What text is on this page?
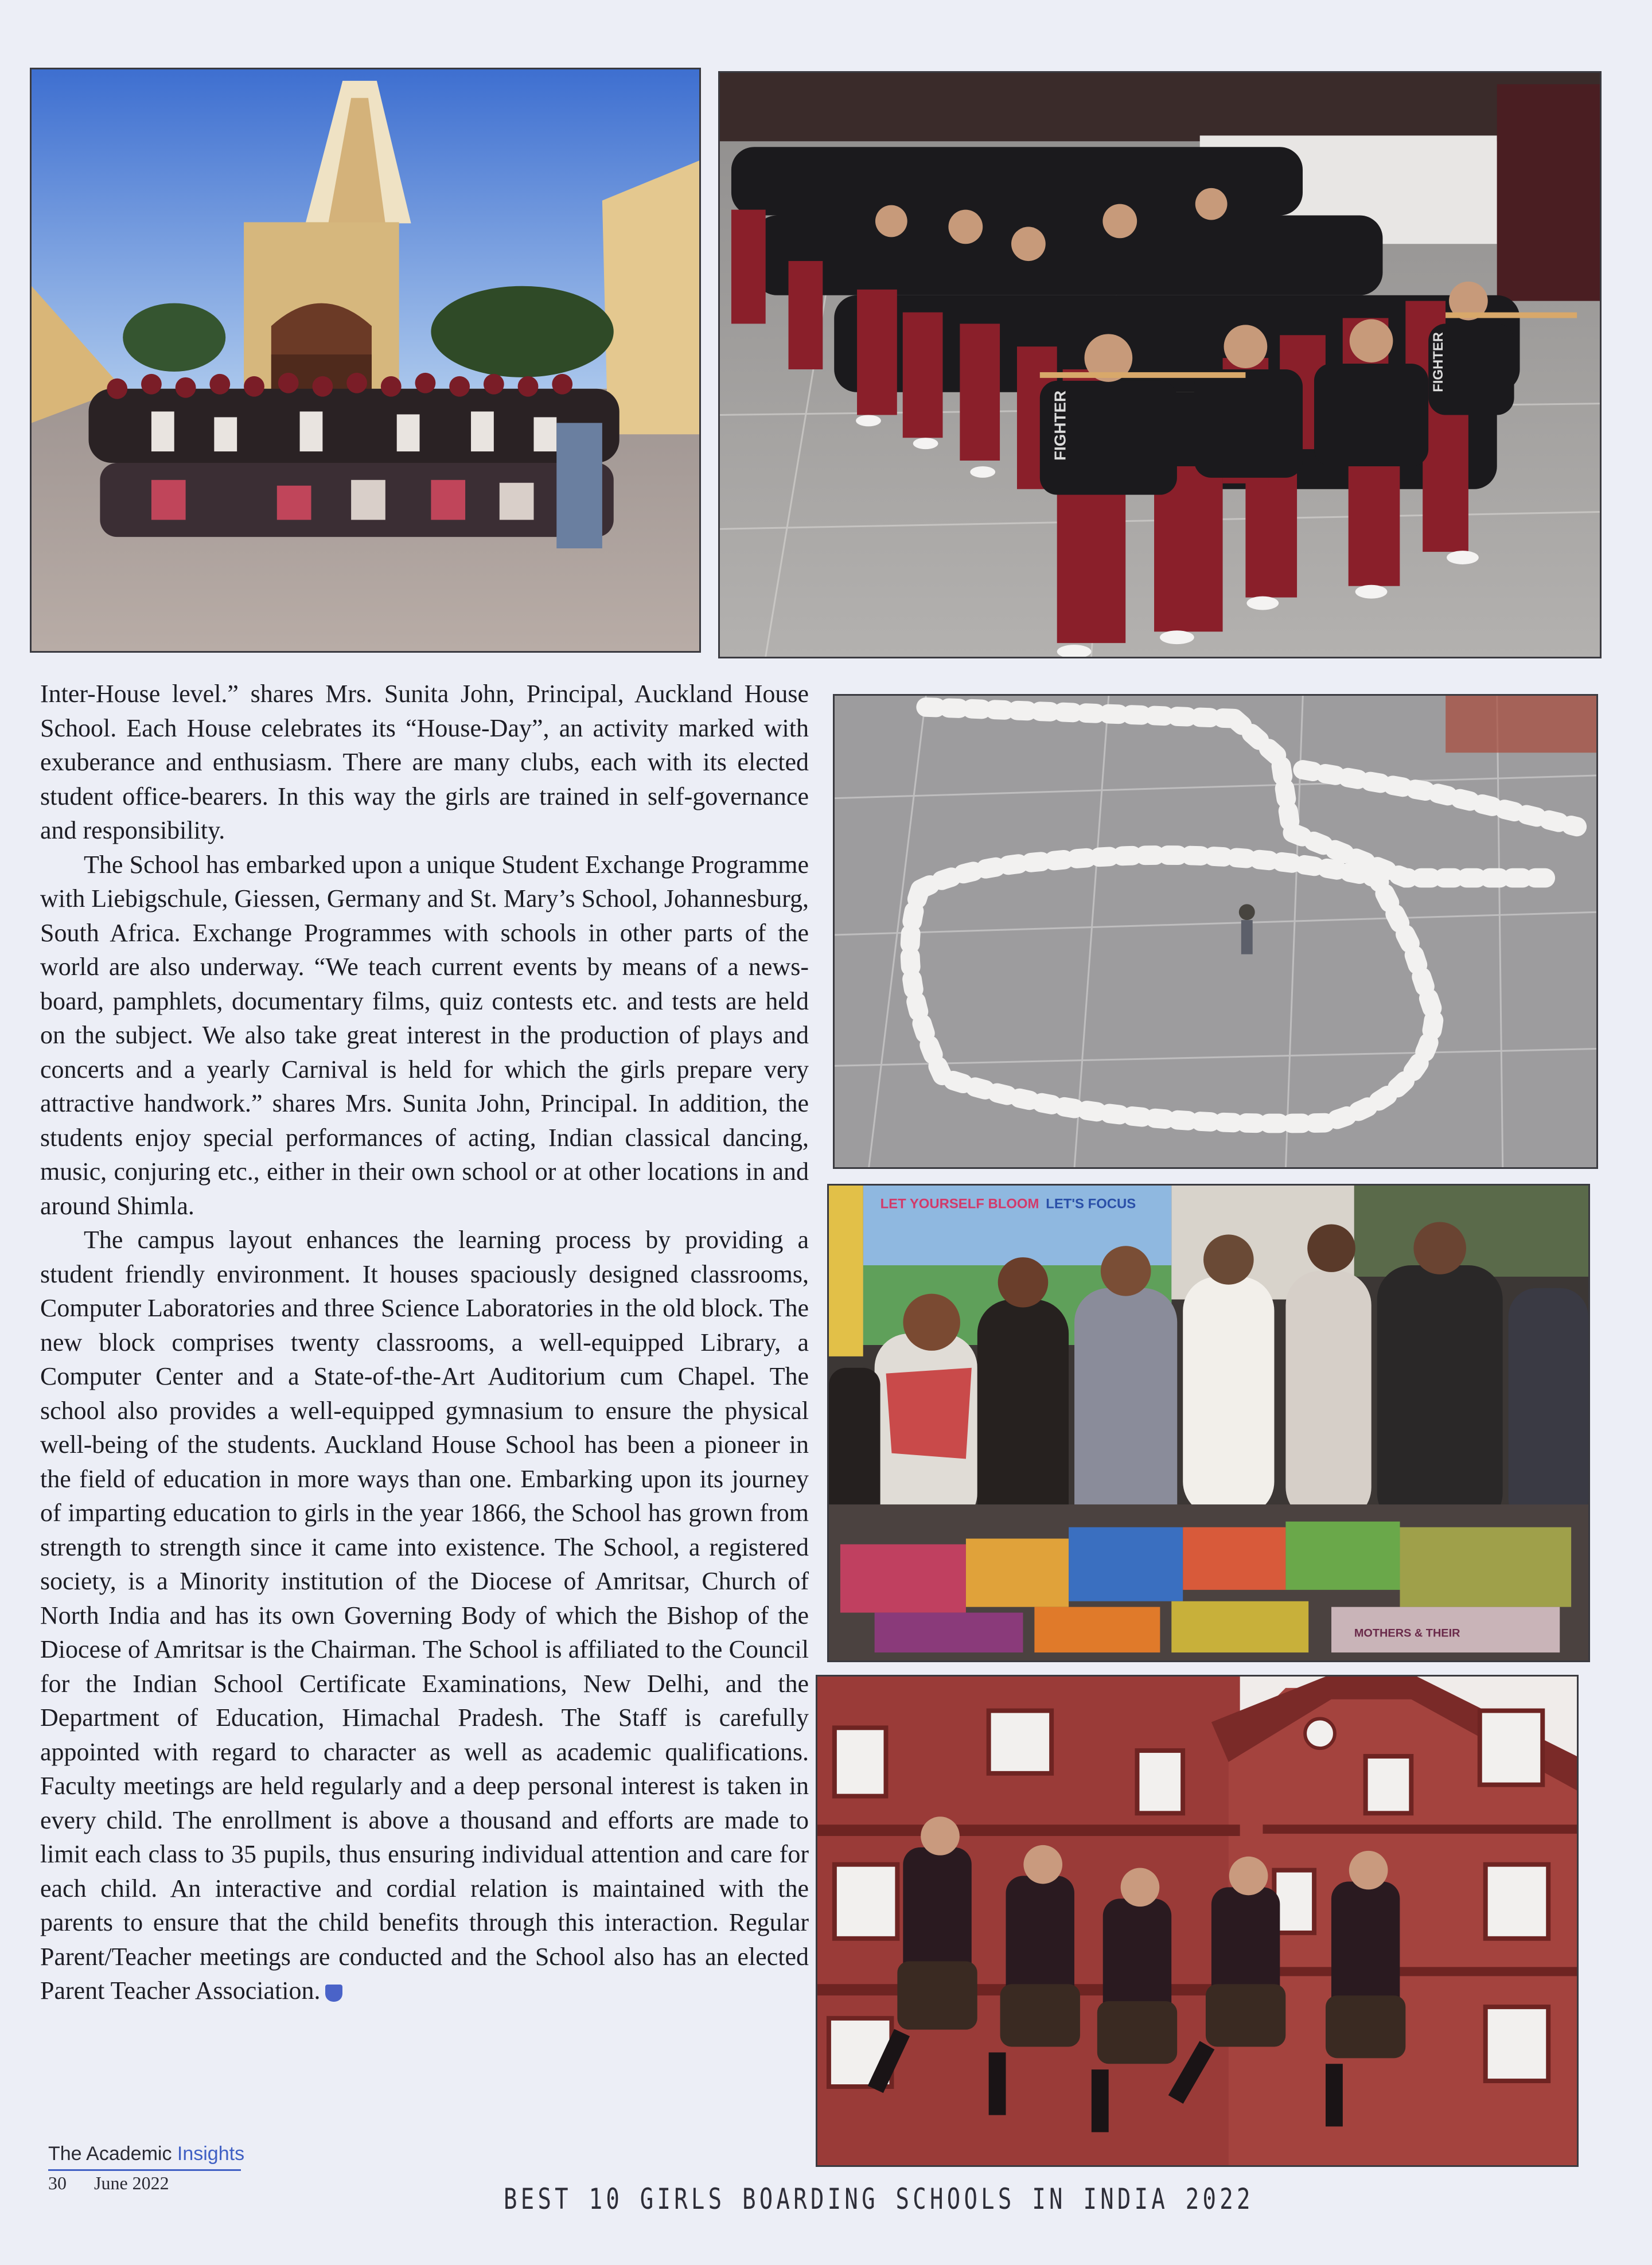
FIGHTER
FIGHTER
LET YOURSELF BLOOM LET'S FOCUS
MOTHERS & THEIR

Inter-House level.” shares Mrs. Sunita John, Principal, Auckland House School. Each House celebrates its “House-Day”, an activity marked with exuberance and enthusiasm. There are many clubs, each with its elected student office-bearers. In this way the girls are trained in self-governance and responsibility.

The School has embarked upon a unique Student Exchange Programme with Liebigschule, Giessen, Germany and St. Mary’s School, Johannesburg, South Africa. Exchange Programmes with schools in other parts of the world are also underway. “We teach current events by means of a news-board, pamphlets, documentary films, quiz contests etc. and tests are held on the subject. We also take great interest in the production of plays and concerts and a yearly Carnival is held for which the girls prepare very attractive handwork.” shares Mrs. Sunita John, Principal. In addition, the students enjoy special performances of acting, Indian classical dancing, music, conjuring etc., either in their own school or at other locations in and around Shimla.

The campus layout enhances the learning process by providing a student friendly environment. It houses spaciously designed classrooms, Computer Laboratories and three Science Laboratories in the old block. The new block comprises twenty classrooms, a well-equipped Library, a Computer Center and a State-of-the-Art Auditorium cum Chapel. The school also provides a well-equipped gymnasium to ensure the physical well-being of the students. Auckland House School has been a pioneer in the field of education in more ways than one. Embarking upon its journey of imparting education to girls in the year 1866, the School has grown from strength to strength since it came into existence. The School, a registered society, is a Minority institution of the Diocese of Amritsar, Church of North India and has its own Governing Body of which the Bishop of the Diocese of Amritsar is the Chairman. The School is affiliated to the Council for the Indian School Certificate Examinations, New Delhi, and the Department of Education, Himachal Pradesh. The Staff is carefully appointed with regard to character as well as academic qualifications. Faculty meetings are held regularly and a deep personal interest is taken in every child. The enrollment is above a thousand and efforts are made to limit each class to 35 pupils, thus ensuring individual attention and care for each child. An interactive and cordial relation is maintained with the parents to ensure that the child benefits through this interaction. Regular Parent/Teacher meetings are conducted and the School also has an elected Parent Teacher Association.

The Academic Insights
30 June 2022	BEST 10 GIRLS BOARDING SCHOOLS IN INDIA 2022
